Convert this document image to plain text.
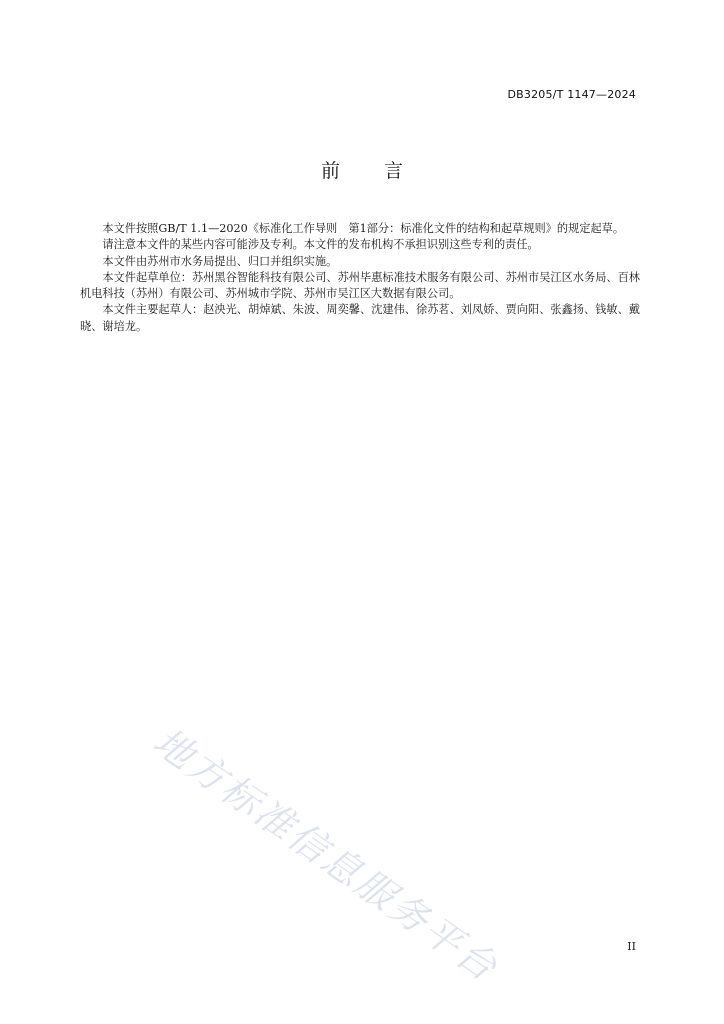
DB3205/T 1147—2024
前 言

本文件按照GB/T 1.1—2020《标准化工作导则　第1部分：标准化文件的结构和起草规则》的规定起草。

请注意本文件的某些内容可能涉及专利。本文件的发布机构不承担识别这些专利的责任。

本文件由苏州市水务局提出、归口并组织实施。

本文件起草单位：苏州黑谷智能科技有限公司、苏州毕惠标准技术服务有限公司、苏州市吴江区水务局、百林机电科技（苏州）有限公司、苏州城市学院、苏州市吴江区大数据有限公司。

本文件主要起草人：赵泱光、胡焯斌、朱波、周奕馨、沈建伟、徐苏茗、刘凤娇、贾向阳、张鑫扬、钱敏、戴晓、谢培龙。

地方标准信息服务平台	II
